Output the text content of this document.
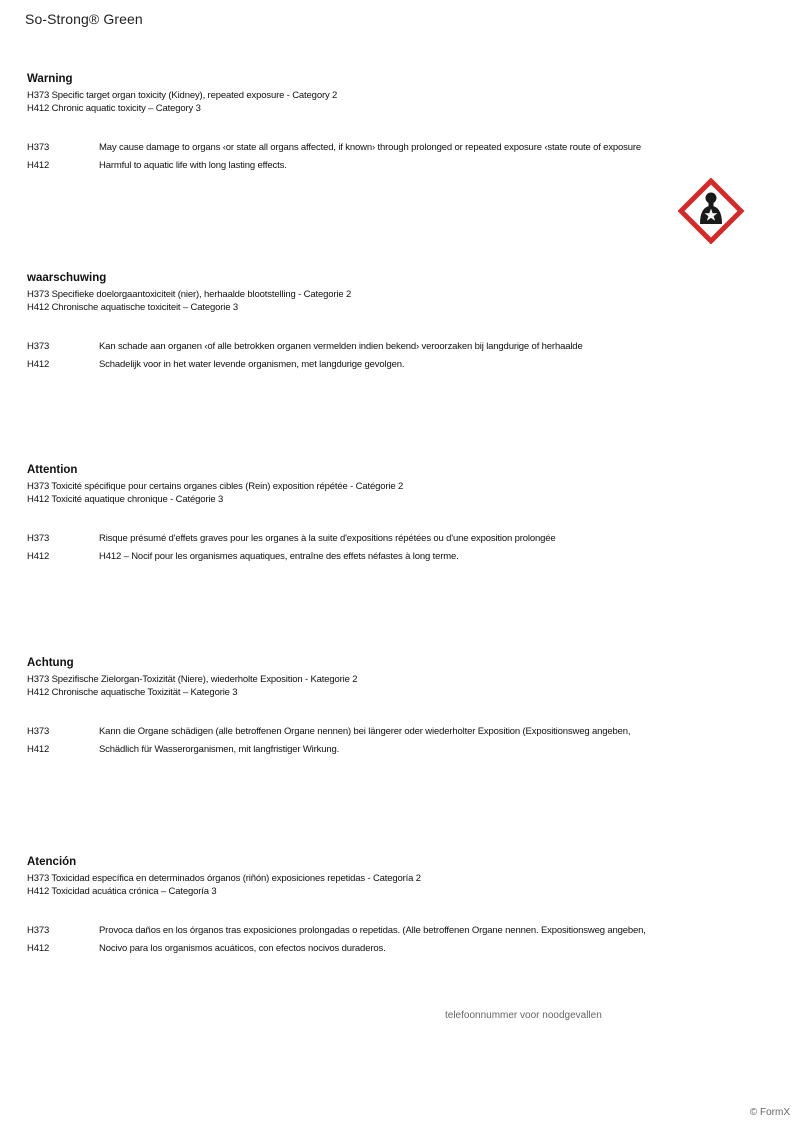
So-Strong® Green
Warning
H373 Specific target organ toxicity (Kidney), repeated exposure - Category 2
H412 Chronic aquatic toxicity – Category 3
H373	May cause damage to organs ‹or state all organs affected, if known› through prolonged or repeated exposure ‹state route of exposure
H412	Harmful to aquatic life with long lasting effects.
waarschuwing
H373 Specifieke doelorgaantoxiciteit (nier), herhaalde blootstelling - Categorie 2
H412 Chronische aquatische toxiciteit – Categorie 3
H373	Kan schade aan organen ‹of alle betrokken organen vermelden indien bekend› veroorzaken bij langdurige of herhaalde
H412	Schadelijk voor in het water levende organismen, met langdurige gevolgen.
Attention
H373 Toxicité spécifique pour certains organes cibles (Rein) exposition répétée - Catégorie 2
H412 Toxicité aquatique chronique - Catégorie 3
H373	Risque présumé d'effets graves pour les organes à la suite d'expositions répétées ou d'une exposition prolongée
H412	H412 – Nocif pour les organismes aquatiques, entraîne des effets néfastes à long terme.
Achtung
H373 Spezifische Zielorgan-Toxizität (Niere), wiederholte Exposition - Kategorie 2
H412 Chronische aquatische Toxizität – Kategorie 3
H373	Kann die Organe schädigen (alle betroffenen Organe nennen) bei längerer oder wiederholter Exposition (Expositionsweg angeben,
H412	Schädlich für Wasserorganismen, mit langfristiger Wirkung.
Atención
H373 Toxicidad específica en determinados órganos (riñón) exposiciones repetidas - Categoría 2
H412 Toxicidad acuática crónica – Categoría 3
H373	Provoca daños en los órganos tras exposiciones prolongadas o repetidas. (Alle betroffenen Organe nennen. Expositionsweg angeben,
H412	Nocivo para los organismos acuáticos, con efectos nocivos duraderos.
telefoonnummer voor noodgevallen
© FormX
